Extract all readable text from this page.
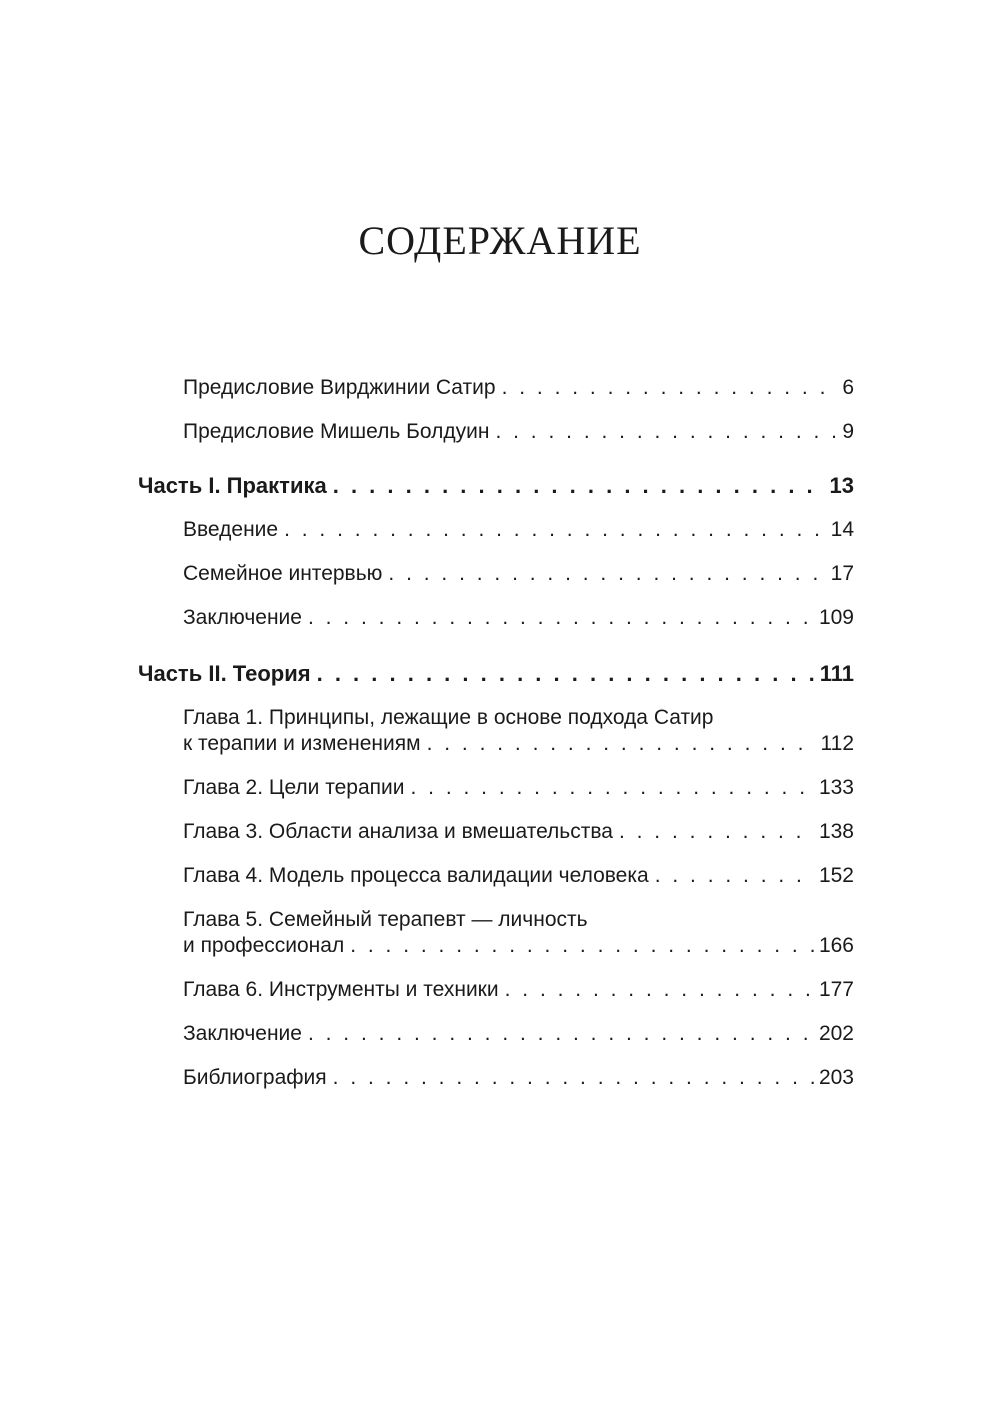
СОДЕРЖАНИЕ
Предисловие Вирджинии Сатир . . .	6
Предисловие Мишель Болдуин . . .	9
Часть I. Практика . . .	13
Введение . . .	14
Семейное интервью . . .	17
Заключение . . .	109
Часть II. Теория . . .	111
Глава 1. Принципы, лежащие в основе подхода Сатир
к терапии и изменениям . . .	112
Глава 2. Цели терапии . . .	133
Глава 3. Области анализа и вмешательства . . .	138
Глава 4. Модель процесса валидации человека . . .	152
Глава 5. Семейный терапевт — личность
и профессионал . . .	166
Глава 6. Инструменты и техники . . .	177
Заключение . . .	202
Библиография . . .	203
